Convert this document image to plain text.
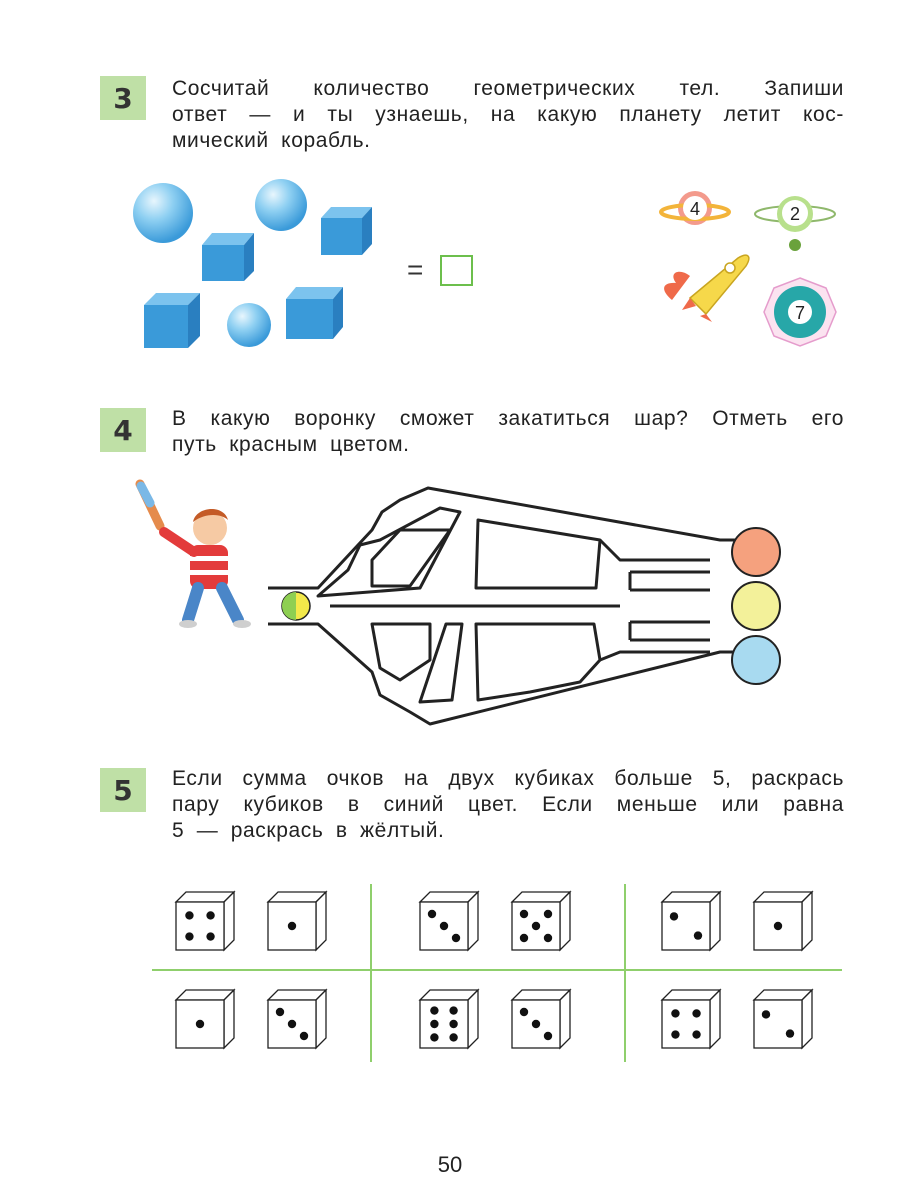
3	Сосчитай количество геометрических тел. Запиши
ответ — и ты узнаешь, на какую планету летит кос-
мический корабль.
=
4	2
7
4	В какую воронку сможет закатиться шар? Отметь его
путь красным цветом.
5	Если сумма очков на двух кубиках больше 5, раскрась
пару кубиков в синий цвет. Если меньше или равна
5 — раскрась в жёлтый.
50
